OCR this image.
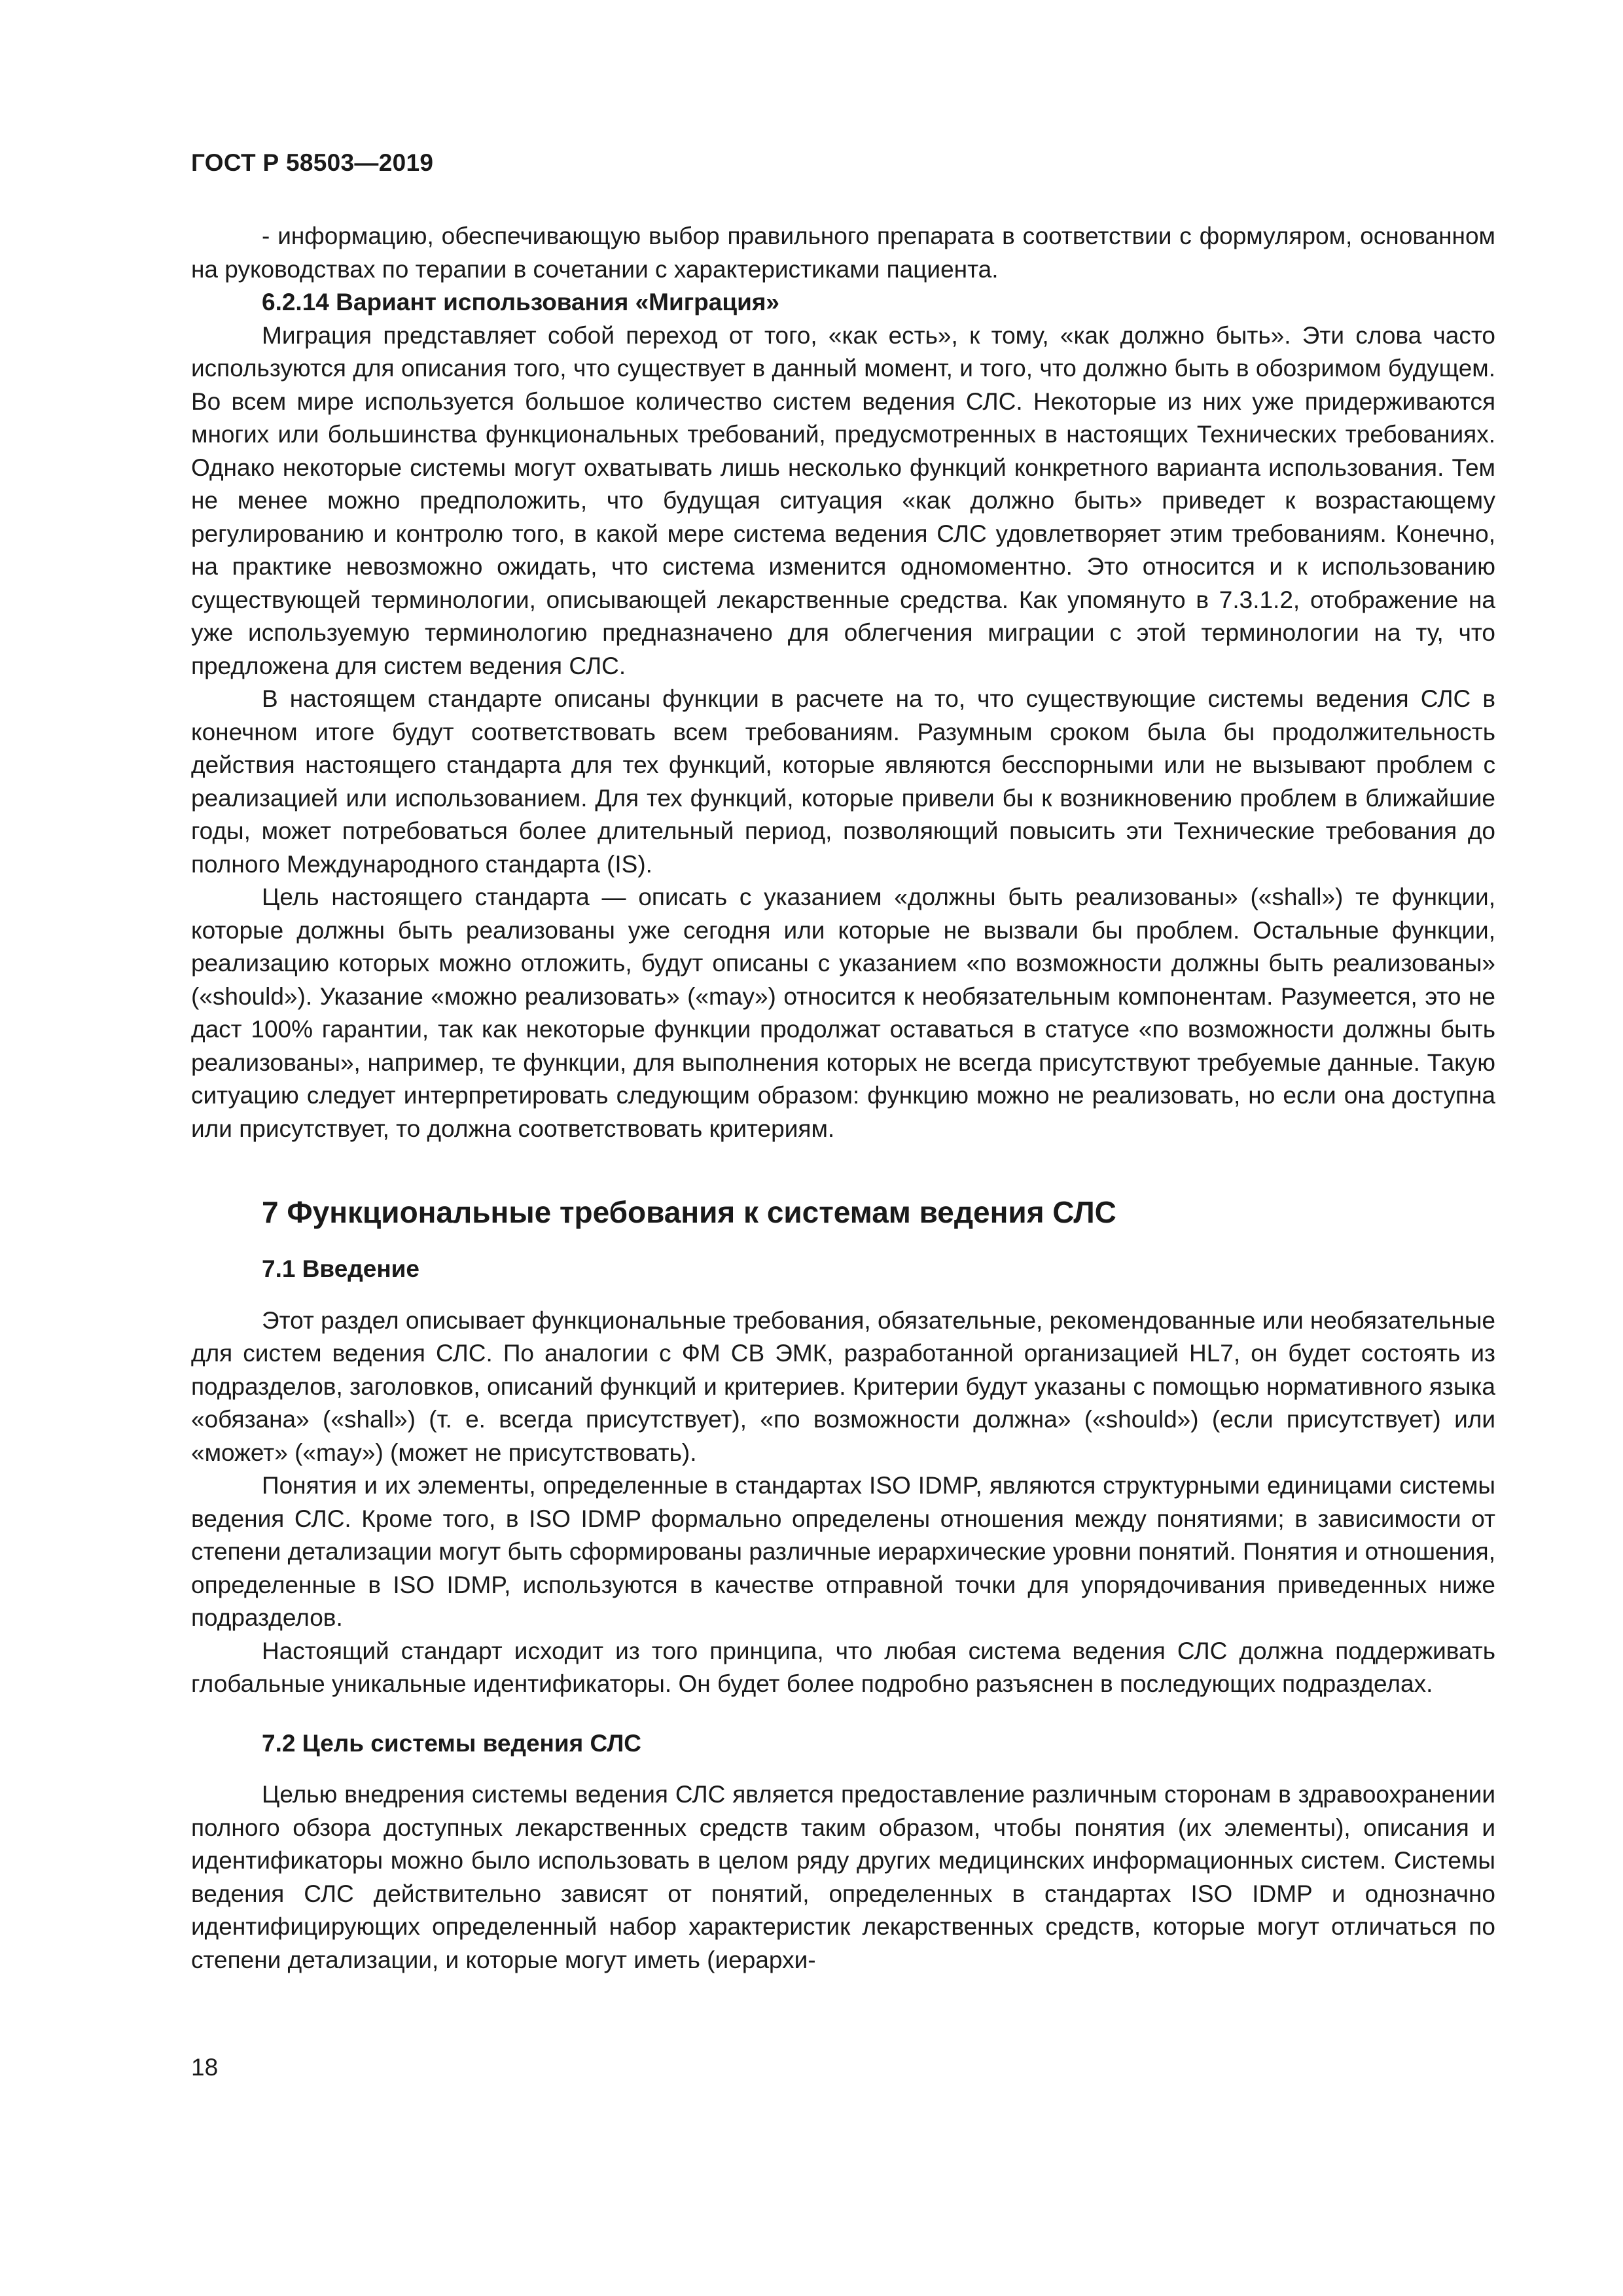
ГОСТ Р 58503—2019

- информацию, обеспечивающую выбор правильного препарата в соответствии с формуляром, основанном на руководствах по терапии в сочетании с характеристиками пациента.

6.2.14 Вариант использования «Миграция»

Миграция представляет собой переход от того, «как есть», к тому, «как должно быть». Эти слова часто используются для описания того, что существует в данный момент, и того, что должно быть в обозримом будущем. Во всем мире используется большое количество систем ведения СЛС. Некоторые из них уже придерживаются многих или большинства функциональных требований, предусмотренных в настоящих Технических требованиях. Однако некоторые системы могут охватывать лишь несколько функций конкретного варианта использования. Тем не менее можно предположить, что будущая ситуация «как должно быть» приведет к возрастающему регулированию и контролю того, в какой мере система ведения СЛС удовлетворяет этим требованиям. Конечно, на практике невозможно ожидать, что система изменится одномоментно. Это относится и к использованию существующей терминологии, описывающей лекарственные средства. Как упомянуто в 7.3.1.2, отображение на уже используемую терминологию предназначено для облегчения миграции с этой терминологии на ту, что предложена для систем ведения СЛС.

В настоящем стандарте описаны функции в расчете на то, что существующие системы ведения СЛС в конечном итоге будут соответствовать всем требованиям. Разумным сроком была бы продолжительность действия настоящего стандарта для тех функций, которые являются бесспорными или не вызывают проблем с реализацией или использованием. Для тех функций, которые привели бы к возникновению проблем в ближайшие годы, может потребоваться более длительный период, позволяющий повысить эти Технические требования до полного Международного стандарта (IS).

Цель настоящего стандарта — описать с указанием «должны быть реализованы» («shall») те функции, которые должны быть реализованы уже сегодня или которые не вызвали бы проблем. Остальные функции, реализацию которых можно отложить, будут описаны с указанием «по возможности должны быть реализованы» («should»). Указание «можно реализовать» («may») относится к необязательным компонентам. Разумеется, это не даст 100% гарантии, так как некоторые функции продолжат оставаться в статусе «по возможности должны быть реализованы», например, те функции, для выполнения которых не всегда присутствуют требуемые данные. Такую ситуацию следует интерпретировать следующим образом: функцию можно не реализовать, но если она доступна или присутствует, то должна соответствовать критериям.

7 Функциональные требования к системам ведения СЛС
7.1 Введение

Этот раздел описывает функциональные требования, обязательные, рекомендованные или необязательные для систем ведения СЛС. По аналогии с ФМ СВ ЭМК, разработанной организацией HL7, он будет состоять из подразделов, заголовков, описаний функций и критериев. Критерии будут указаны с помощью нормативного языка «обязана» («shall») (т. е. всегда присутствует), «по возможности должна» («should») (если присутствует) или «может» («may») (может не присутствовать).

Понятия и их элементы, определенные в стандартах ISO IDMP, являются структурными единицами системы ведения СЛС. Кроме того, в ISO IDMP формально определены отношения между понятиями; в зависимости от степени детализации могут быть сформированы различные иерархические уровни понятий. Понятия и отношения, определенные в ISO IDMP, используются в качестве отправной точки для упорядочивания приведенных ниже подразделов.

Настоящий стандарт исходит из того принципа, что любая система ведения СЛС должна поддерживать глобальные уникальные идентификаторы. Он будет более подробно разъяснен в последующих подразделах.

7.2 Цель системы ведения СЛС

Целью внедрения системы ведения СЛС является предоставление различным сторонам в здравоохранении полного обзора доступных лекарственных средств таким образом, чтобы понятия (их элементы), описания и идентификаторы можно было использовать в целом ряду других медицинских информационных систем. Системы ведения СЛС действительно зависят от понятий, определенных в стандартах ISO IDMP и однозначно идентифицирующих определенный набор характеристик лекарственных средств, которые могут отличаться по степени детализации, и которые могут иметь (иерархи-

18
